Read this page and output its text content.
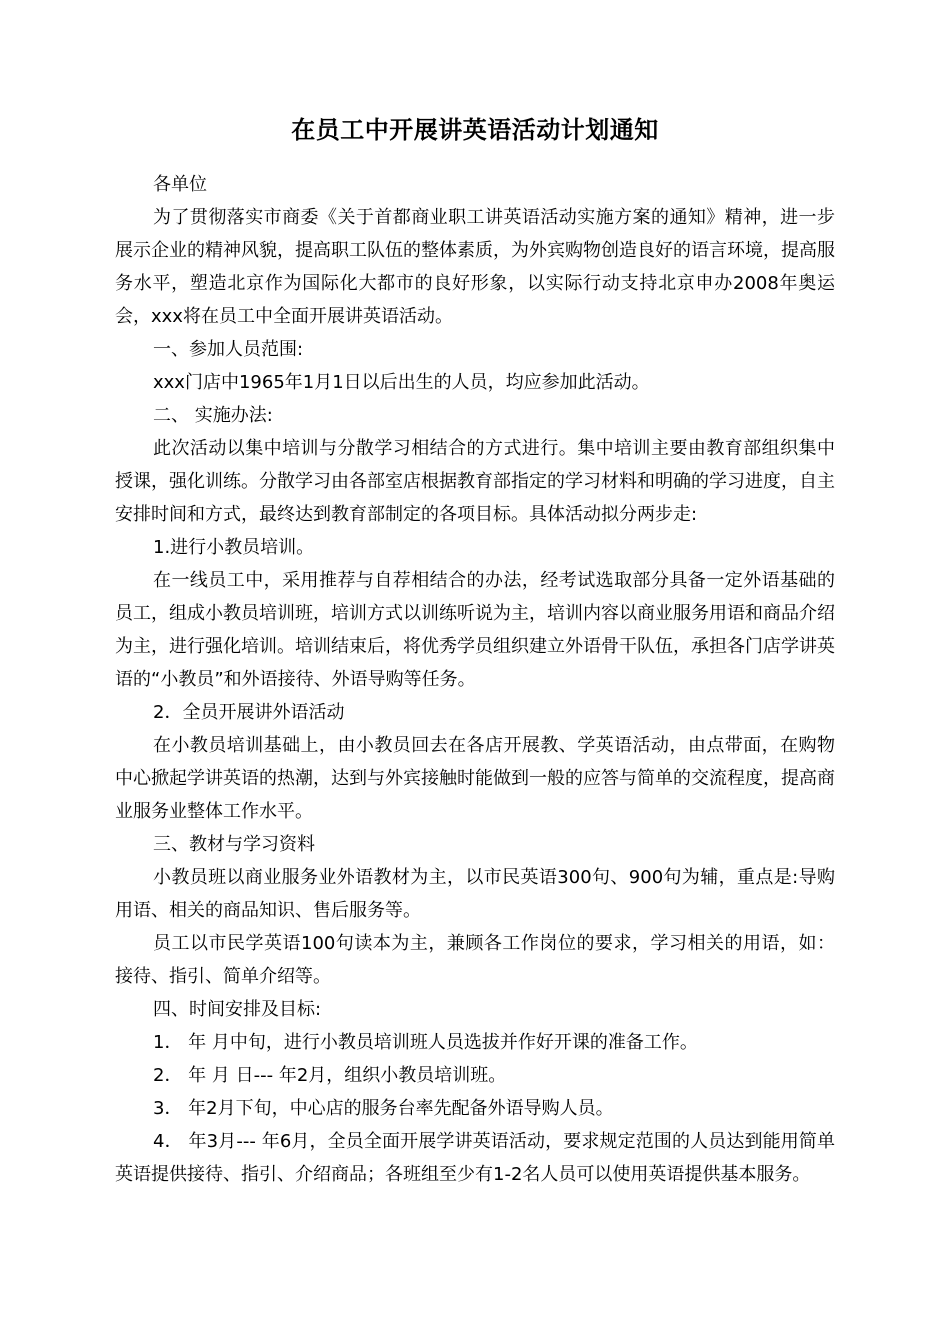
在员工中开展讲英语活动计划通知

各单位

为了贯彻落实市商委《关于首都商业职工讲英语活动实施方案的通知》精神，进一步展示企业的精神风貌，提高职工队伍的整体素质，为外宾购物创造良好的语言环境，提高服务水平，塑造北京作为国际化大都市的良好形象，以实际行动支持北京申办2008年奥运会，xxx将在员工中全面开展讲英语活动。

一、参加人员范围:

xxx门店中1965年1月1日以后出生的人员，均应参加此活动。

二、 实施办法:

此次活动以集中培训与分散学习相结合的方式进行。集中培训主要由教育部组织集中授课，强化训练。分散学习由各部室店根据教育部指定的学习材料和明确的学习进度，自主安排时间和方式，最终达到教育部制定的各项目标。具体活动拟分两步走:

1.进行小教员培训。

在一线员工中，采用推荐与自荐相结合的办法，经考试选取部分具备一定外语基础的员工，组成小教员培训班，培训方式以训练听说为主，培训内容以商业服务用语和商品介绍为主，进行强化培训。培训结束后，将优秀学员组织建立外语骨干队伍，承担各门店学讲英语的“小教员”和外语接待、外语导购等任务。

2．全员开展讲外语活动

在小教员培训基础上，由小教员回去在各店开展教、学英语活动，由点带面，在购物中心掀起学讲英语的热潮，达到与外宾接触时能做到一般的应答与简单的交流程度，提高商业服务业整体工作水平。

三、教材与学习资料

小教员班以商业服务业外语教材为主，以市民英语300句、900句为辅，重点是:导购用语、相关的商品知识、售后服务等。

员工以市民学英语100句读本为主，兼顾各工作岗位的要求，学习相关的用语，如：接待、指引、简单介绍等。

四、时间安排及目标:

1． 年 月中旬，进行小教员培训班人员选拔并作好开课的准备工作。

2． 年 月 日--- 年2月，组织小教员培训班。

3． 年2月下旬，中心店的服务台率先配备外语导购人员。

4． 年3月--- 年6月，全员全面开展学讲英语活动，要求规定范围的人员达到能用简单英语提供接待、指引、介绍商品；各班组至少有1-2名人员可以使用英语提供基本服务。
